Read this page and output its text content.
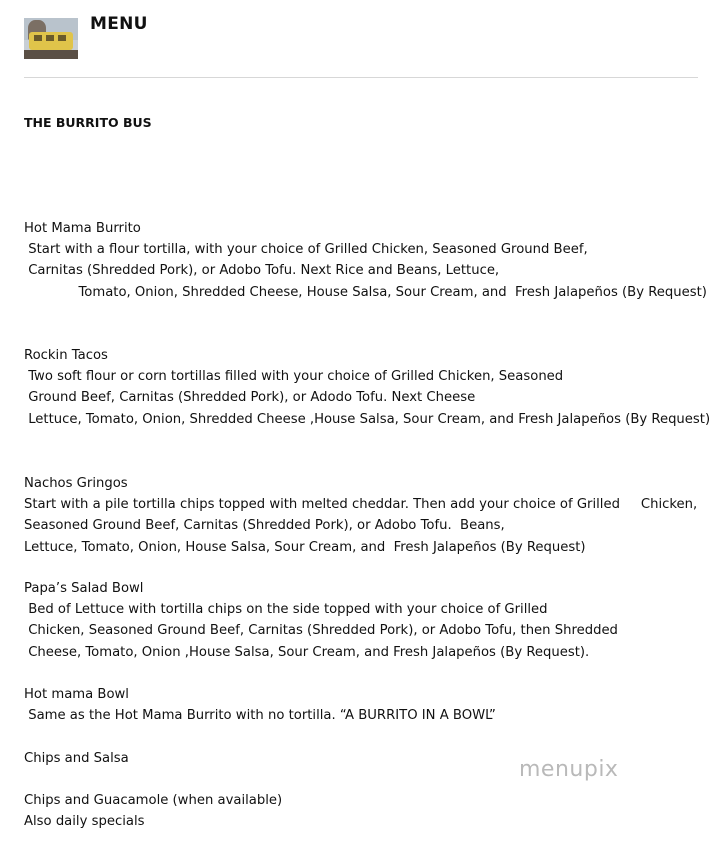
MENU
THE BURRITO BUS
Hot Mama Burrito
Start with a flour tortilla, with your choice of Grilled Chicken, Seasoned Ground Beef,
Carnitas (Shredded Pork), or Adobo Tofu. Next Rice and Beans, Lettuce,
Tomato, Onion, Shredded Cheese, House Salsa, Sour Cream, and  Fresh Jalapeños (By Request)
Rockin Tacos
Two soft flour or corn tortillas filled with your choice of Grilled Chicken, Seasoned
Ground Beef, Carnitas (Shredded Pork), or Adodo Tofu. Next Cheese
Lettuce, Tomato, Onion, Shredded Cheese ,House Salsa, Sour Cream, and Fresh Jalapeños (By Request)
Nachos Gringos
Start with a pile tortilla chips topped with melted cheddar. Then add your choice of Grilled     Chicken,
Seasoned Ground Beef, Carnitas (Shredded Pork), or Adobo Tofu.  Beans,
Lettuce, Tomato, Onion, House Salsa, Sour Cream, and  Fresh Jalapeños (By Request)
Papa’s Salad Bowl
Bed of Lettuce with tortilla chips on the side topped with your choice of Grilled
Chicken, Seasoned Ground Beef, Carnitas (Shredded Pork), or Adobo Tofu, then Shredded
Cheese, Tomato, Onion ,House Salsa, Sour Cream, and Fresh Jalapeños (By Request).
Hot mama Bowl
Same as the Hot Mama Burrito with no tortilla. “A BURRITO IN A BOWL”
Chips and Salsa
Chips and Guacamole (when available)
Also daily specials
menupix
